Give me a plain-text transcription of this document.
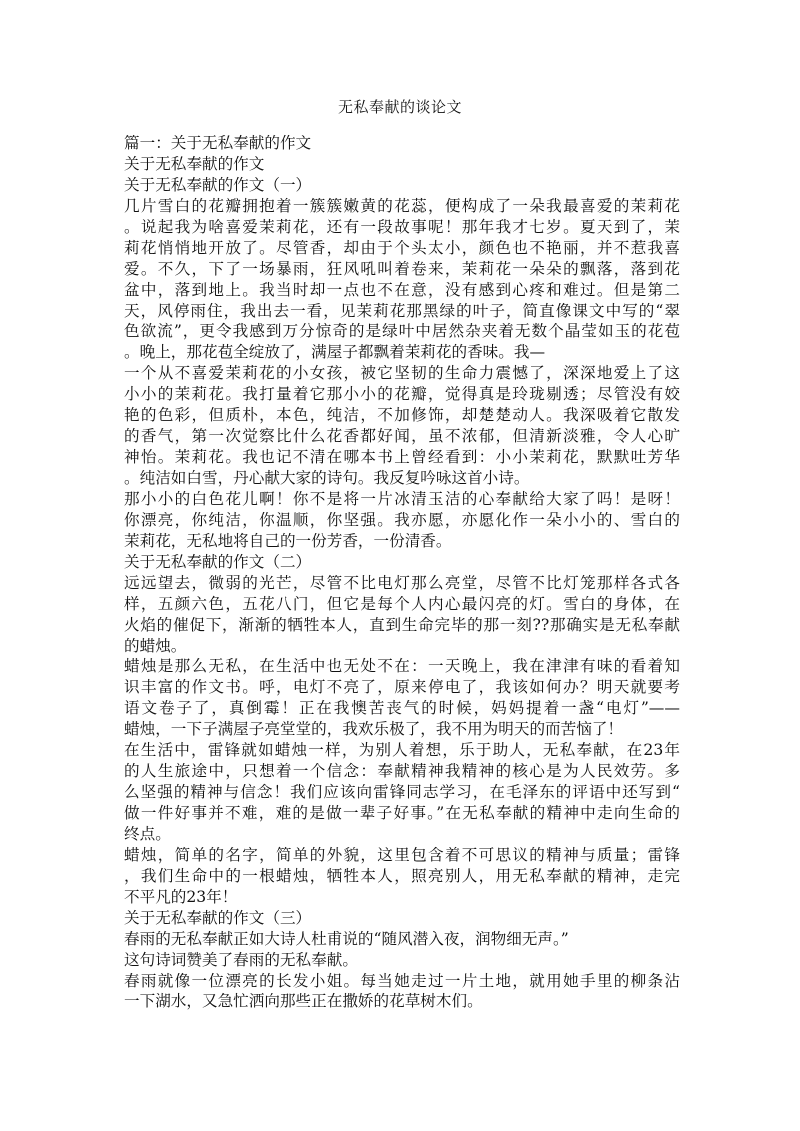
无私奉献的谈论文
篇一：关于无私奉献的作文
关于无私奉献的作文
关于无私奉献的作文（一）
几片雪白的花瓣拥抱着一簇簇嫩黄的花蕊，便构成了一朵我最喜爱的茉莉花
。说起我为啥喜爱茉莉花，还有一段故事呢！那年我才七岁。夏天到了，茉
莉花悄悄地开放了。尽管香，却由于个头太小，颜色也不艳丽，并不惹我喜
爱。不久，下了一场暴雨，狂风吼叫着卷来，茉莉花一朵朵的飘落，落到花
盆中，落到地上。我当时却一点也不在意，没有感到心疼和难过。但是第二
天，风停雨住，我出去一看，见茉莉花那黑绿的叶子，简直像课文中写的“翠
色欲流”，更令我感到万分惊奇的是绿叶中居然杂夹着无数个晶莹如玉的花苞
。晚上，那花苞全绽放了，满屋子都飘着茉莉花的香味。我—
一个从不喜爱茉莉花的小女孩，被它坚韧的生命力震憾了，深深地爱上了这
小小的茉莉花。我打量着它那小小的花瓣，觉得真是玲珑剔透；尽管没有姣
艳的色彩，但质朴，本色，纯洁，不加修饰，却楚楚动人。我深吸着它散发
的香气，第一次觉察比什么花香都好闻，虽不浓郁，但清新淡雅，令人心旷
神怡。茉莉花。我也记不清在哪本书上曾经看到：小小茉莉花，默默吐芳华
。纯洁如白雪，丹心献大家的诗句。我反复吟咏这首小诗。
那小小的白色花儿啊！你不是将一片冰清玉洁的心奉献给大家了吗！是呀！
你漂亮，你纯洁，你温顺，你坚强。我亦愿，亦愿化作一朵小小的、雪白的
茉莉花，无私地将自己的一份芳香，一份清香。
关于无私奉献的作文（二）
远远望去，微弱的光芒，尽管不比电灯那么亮堂，尽管不比灯笼那样各式各
样，五颜六色，五花八门，但它是每个人内心最闪亮的灯。雪白的身体，在
火焰的催促下，渐渐的牺牲本人，直到生命完毕的那一刻??那确实是无私奉献
的蜡烛。
蜡烛是那么无私，在生活中也无处不在：一天晚上，我在津津有味的看着知
识丰富的作文书。呼，电灯不亮了，原来停电了，我该如何办？明天就要考
语文卷子了，真倒霉！正在我懊苦丧气的时候，妈妈提着一盏“电灯”——
蜡烛，一下子满屋子亮堂堂的，我欢乐极了，我不用为明天的而苦恼了！
在生活中，雷锋就如蜡烛一样，为别人着想，乐于助人，无私奉献，在23年
的人生旅途中，只想着一个信念：奉献精神我精神的核心是为人民效劳。多
么坚强的精神与信念！我们应该向雷锋同志学习，在毛泽东的评语中还写到“
做一件好事并不难，难的是做一辈子好事。”在无私奉献的精神中走向生命的
终点。
蜡烛，简单的名字，简单的外貌，这里包含着不可思议的精神与质量；雷锋
，我们生命中的一根蜡烛，牺牲本人，照亮别人，用无私奉献的精神，走完
不平凡的23年！
关于无私奉献的作文（三）
春雨的无私奉献正如大诗人杜甫说的“随风潜入夜，润物细无声。”
这句诗词赞美了春雨的无私奉献。
春雨就像一位漂亮的长发小姐。每当她走过一片土地，就用她手里的柳条沾
一下湖水，又急忙洒向那些正在撒娇的花草树木们。
